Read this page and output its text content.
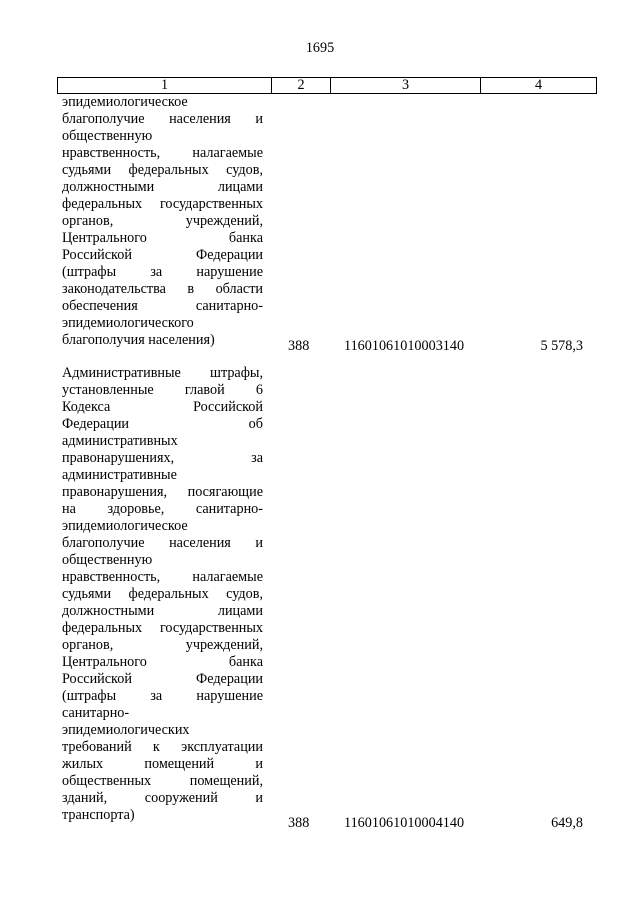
1695
1	2	3	4
эпидемиологическое
благополучие населения и
общественную
нравственность, налагаемые
судьями федеральных судов,
должностными лицами
федеральных государственных
органов, учреждений,
Центрального банка
Российской Федерации
(штрафы за нарушение
законодательства в области
обеспечения санитарно-
эпидемиологического
благополучия населения)	388	11601061010003140	5 578,3
Административные штрафы,
установленные главой 6
Кодекса Российской
Федерации об
административных
правонарушениях, за
административные
правонарушения, посягающие
на здоровье, санитарно-
эпидемиологическое
благополучие населения и
общественную
нравственность, налагаемые
судьями федеральных судов,
должностными лицами
федеральных государственных
органов, учреждений,
Центрального банка
Российской Федерации
(штрафы за нарушение
санитарно-
эпидемиологических
требований к эксплуатации
жилых помещений и
общественных помещений,
зданий, сооружений и
транспорта)	388	11601061010004140	649,8
